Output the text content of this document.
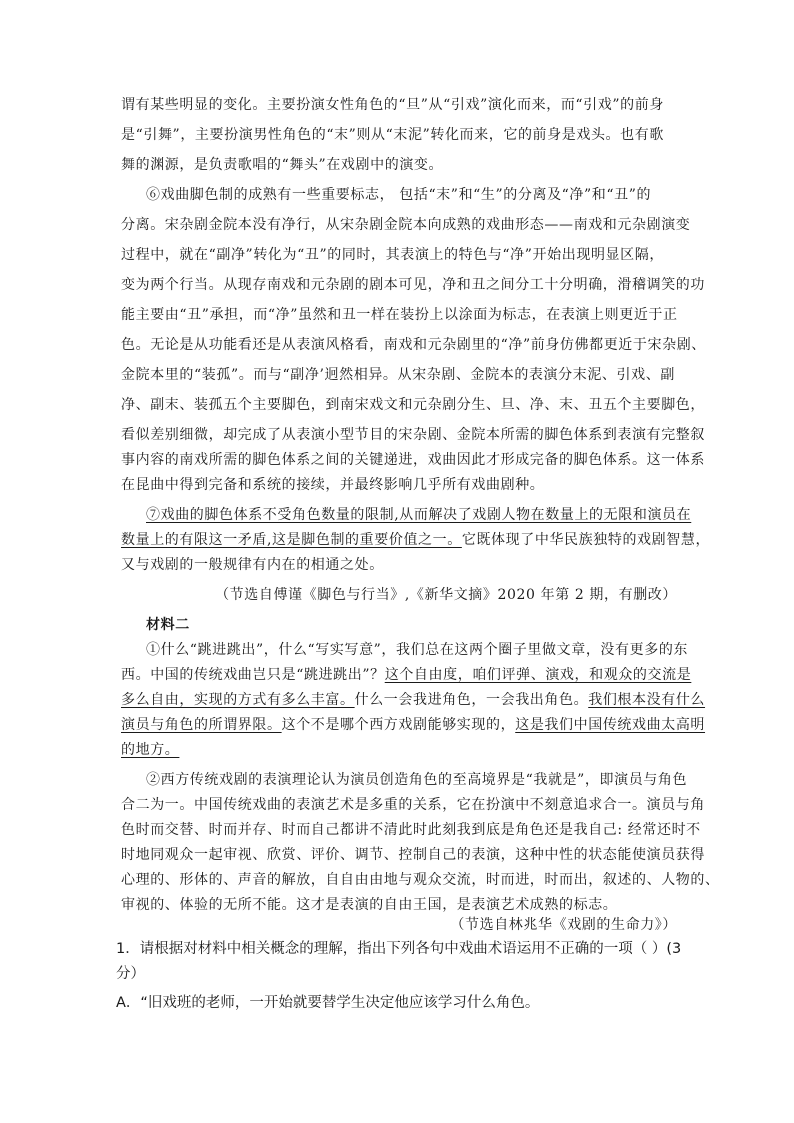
谓有某些明显的变化。主要扮演女性角色的“旦”从“引戏”演化而来，而“引戏”的前身
是“引舞”，主要扮演男性角色的“末”则从“末泥”转化而来，它的前身是戏头。也有歌
舞的渊源，是负责歌唱的“舞头”在戏剧中的演变。
⑥戏曲脚色制的成熟有一些重要标志， 包括“末”和“生”的分离及“净”和“丑”的
分离。宋杂剧金院本没有净行，从宋杂剧金院本向成熟的戏曲形态——南戏和元杂剧演变
过程中，就在“副净”转化为“丑”的同时，其表演上的特色与“净”开始出现明显区隔，
变为两个行当。从现存南戏和元杂剧的剧本可见，净和丑之间分工十分明确，滑稽调笑的功
能主要由“丑”承担，而“净”虽然和丑一样在装扮上以涂面为标志，在表演上则更近于正
色。无论是从功能看还是从表演风格看，南戏和元杂剧里的“净”前身仿佛都更近于宋杂剧、
金院本里的“装孤”。而与“副净’迥然相异。从宋杂剧、金院本的表演分末泥、引戏、副
净、副末、装孤五个主要脚色，到南宋戏文和元杂剧分生、旦、净、末、丑五个主要脚色，
看似差别细微，却完成了从表演小型节目的宋杂剧、金院本所需的脚色体系到表演有完整叙
事内容的南戏所需的脚色体系之间的关键递进，戏曲因此才形成完备的脚色体系。这一体系
在昆曲中得到完备和系统的接续，并最终影响几乎所有戏曲剧种。
⑦戏曲的脚色体系不受角色数量的限制,从而解决了戏剧人物在数量上的无限和演员在
数量上的有限这一矛盾,这是脚色制的重要价值之一。它既体现了中华民族独特的戏剧智慧，
又与戏剧的一般规律有内在的相通之处。
（节选自傅谨《脚色与行当》,《新华文摘》2020 年第 2 期，有删改）
材料二
①什么“跳进跳出”，什么“写实写意”，我们总在这两个圈子里做文章，没有更多的东
西。中国的传统戏曲岂只是“跳进跳出”？这个自由度，咱们评弹、演戏，和观众的交流是
多么自由，实现的方式有多么丰富。什么一会我进角色，一会我出角色。我们根本没有什么
演员与角色的所谓界限。这个不是哪个西方戏剧能够实现的，这是我们中国传统戏曲太高明
的地方。
②西方传统戏剧的表演理论认为演员创造角色的至高境界是“我就是”，即演员与角色
合二为一。中国传统戏曲的表演艺术是多重的关系，它在扮演中不刻意追求合一。演员与角
色时而交替、时而并存、时而自己都讲不清此时此刻我到底是角色还是我自己: 经常还时不
时地同观众一起审视、欣赏、评价、调节、控制自己的表演，这种中性的状态能使演员获得
心理的、形体的、声音的解放，自自由由地与观众交流，时而进，时而出，叙述的、人物的、
审视的、体验的无所不能。这才是表演的自由王国，是表演艺术成熟的标志。
（节选自林兆华《戏剧的生命力》）
1．请根据对材料中相关概念的理解，指出下列各句中戏曲术语运用不正确的一项（ ）(3
分）
A．“旧戏班的老师，一开始就要替学生决定他应该学习什么角色。
